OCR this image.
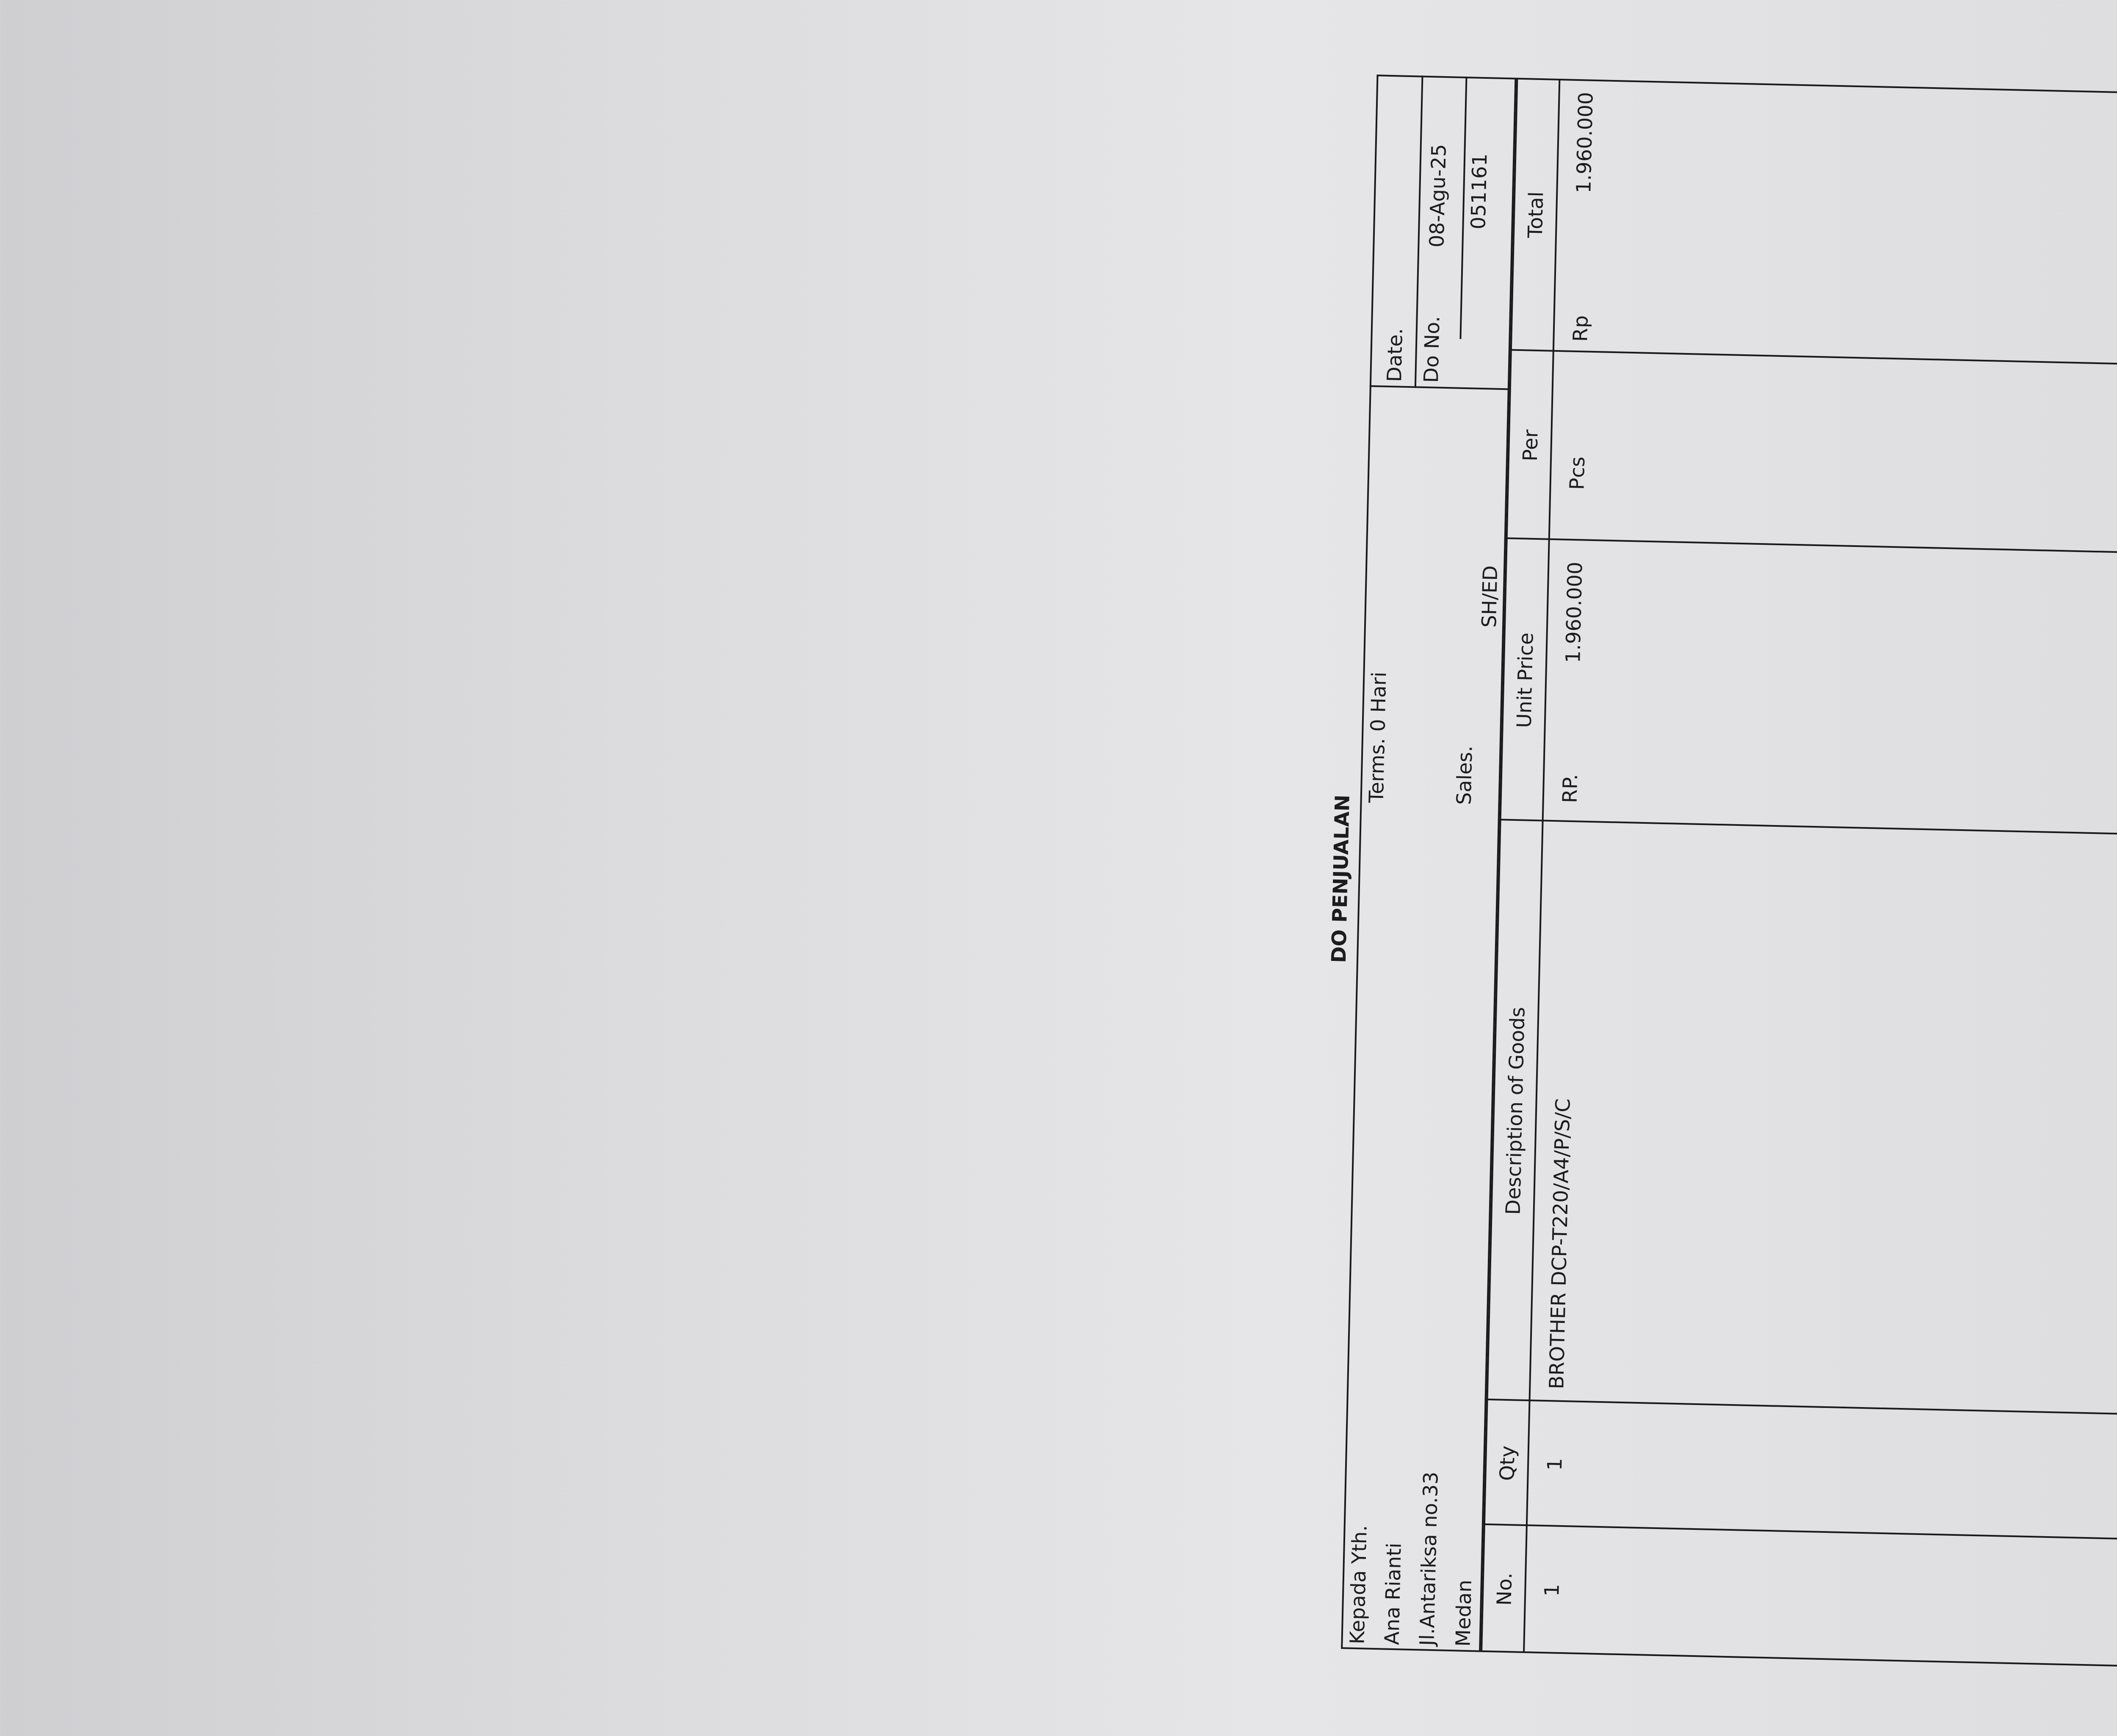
DO PENJUALAN
Kepada Yth. Ana Rianti Jl.Antariksa no.33 Medan
Terms. 0 Hari	Sales.
SH/ED
Date.
08-Agu-25
Do No.
051161
No.
Qty
Description of Goods
Unit Price
Per
Total
1
1
BROTHER DCP-T220/A4/P/S/C
RP.
1.960.000
Pcs
Rp
1.960.000
